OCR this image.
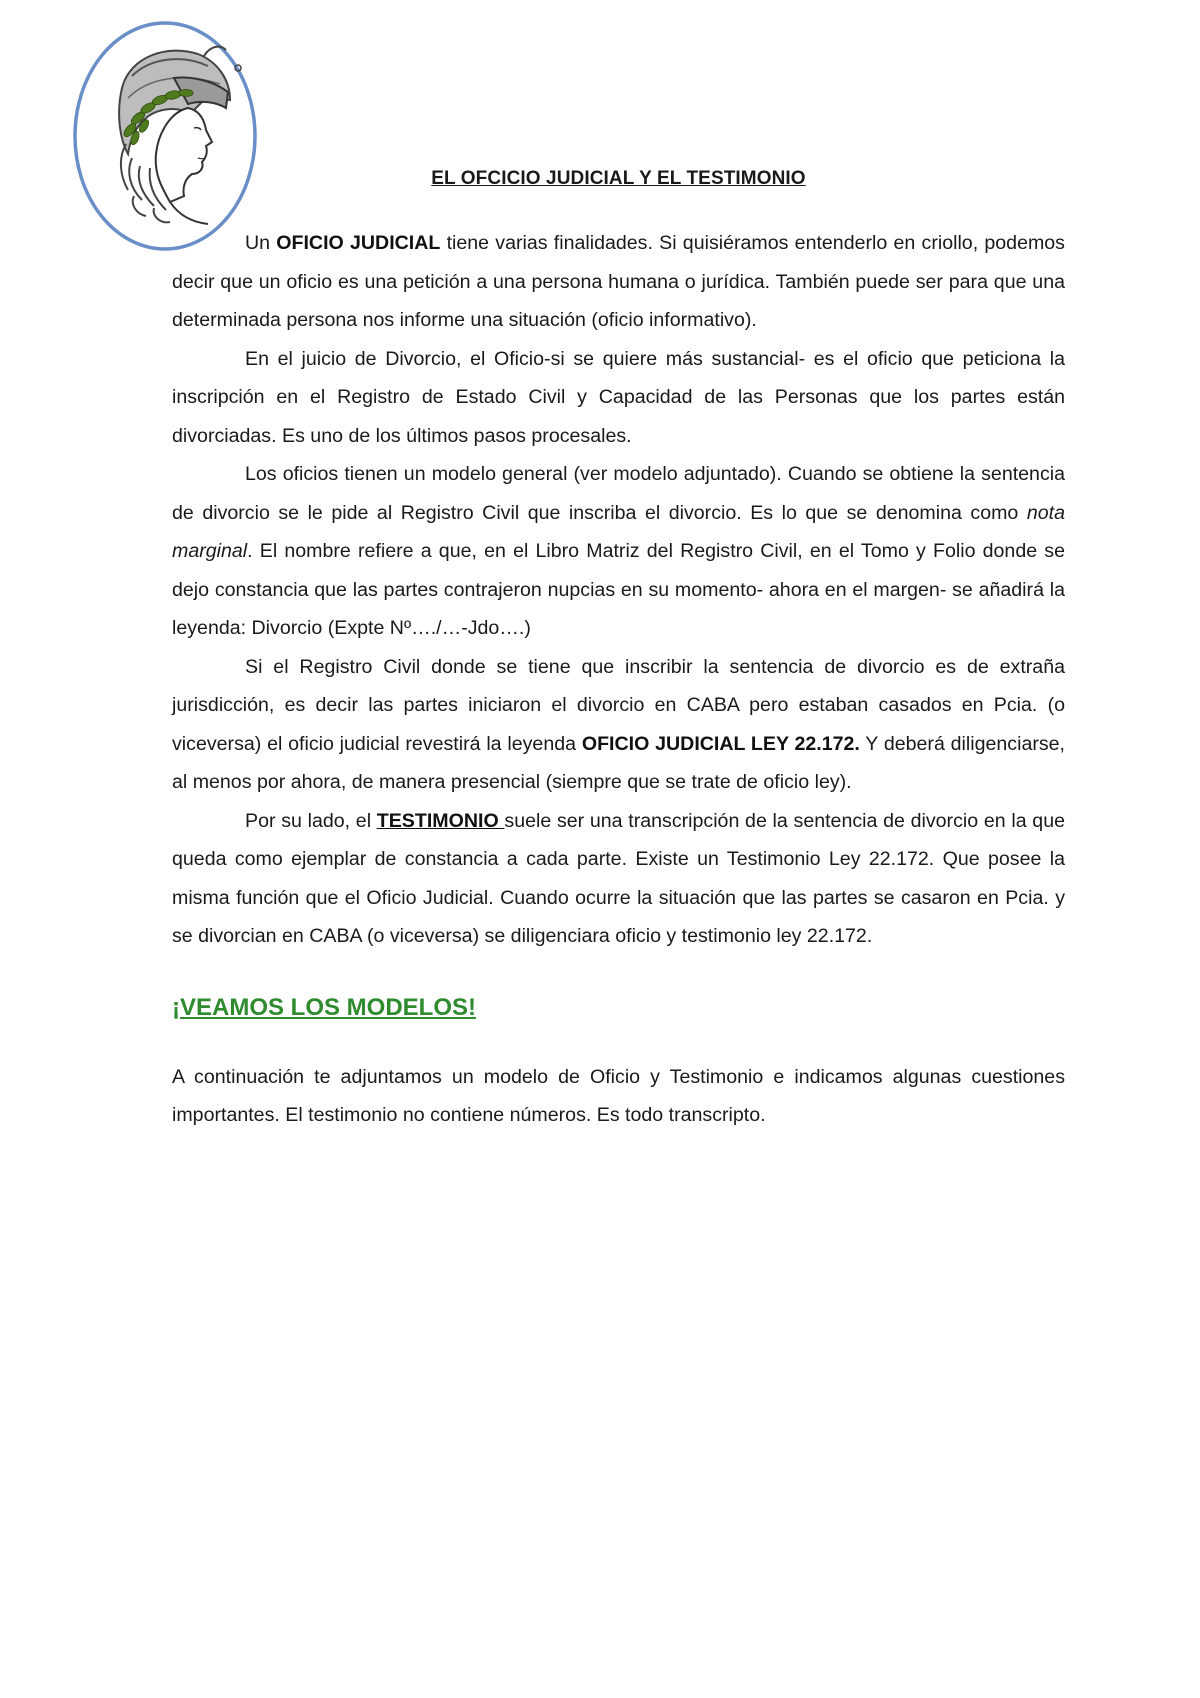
EL OFCICIO JUDICIAL Y EL TESTIMONIO

Un OFICIO JUDICIAL tiene varias finalidades. Si quisiéramos entenderlo en criollo, podemos decir que un oficio es una petición a una persona humana o jurídica. También puede ser para que una determinada persona nos informe una situación (oficio informativo).

En el juicio de Divorcio, el Oficio-si se quiere más sustancial- es el oficio que peticiona la inscripción en el Registro de Estado Civil y Capacidad de las Personas que los partes están divorciadas. Es uno de los últimos pasos procesales.

Los oficios tienen un modelo general (ver modelo adjuntado). Cuando se obtiene la sentencia de divorcio se le pide al Registro Civil que inscriba el divorcio. Es lo que se denomina como nota marginal. El nombre refiere a que, en el Libro Matriz del Registro Civil, en el Tomo y Folio donde se dejo constancia que las partes contrajeron nupcias en su momento- ahora en el margen- se añadirá la leyenda: Divorcio (Expte Nº…./…-Jdo….)

Si el Registro Civil donde se tiene que inscribir la sentencia de divorcio es de extraña jurisdicción, es decir las partes iniciaron el divorcio en CABA pero estaban casados en Pcia. (o viceversa) el oficio judicial revestirá la leyenda OFICIO JUDICIAL LEY 22.172. Y deberá diligenciarse, al menos por ahora, de manera presencial (siempre que se trate de oficio ley).

Por su lado, el TESTIMONIO suele ser una transcripción de la sentencia de divorcio en la que queda como ejemplar de constancia a cada parte. Existe un Testimonio Ley 22.172. Que posee la misma función que el Oficio Judicial. Cuando ocurre la situación que las partes se casaron en Pcia. y se divorcian en CABA (o viceversa) se diligenciara oficio y testimonio ley 22.172.

¡VEAMOS LOS MODELOS!

A continuación te adjuntamos un modelo de Oficio y Testimonio e indicamos algunas cuestiones importantes. El testimonio no contiene números. Es todo transcripto.
